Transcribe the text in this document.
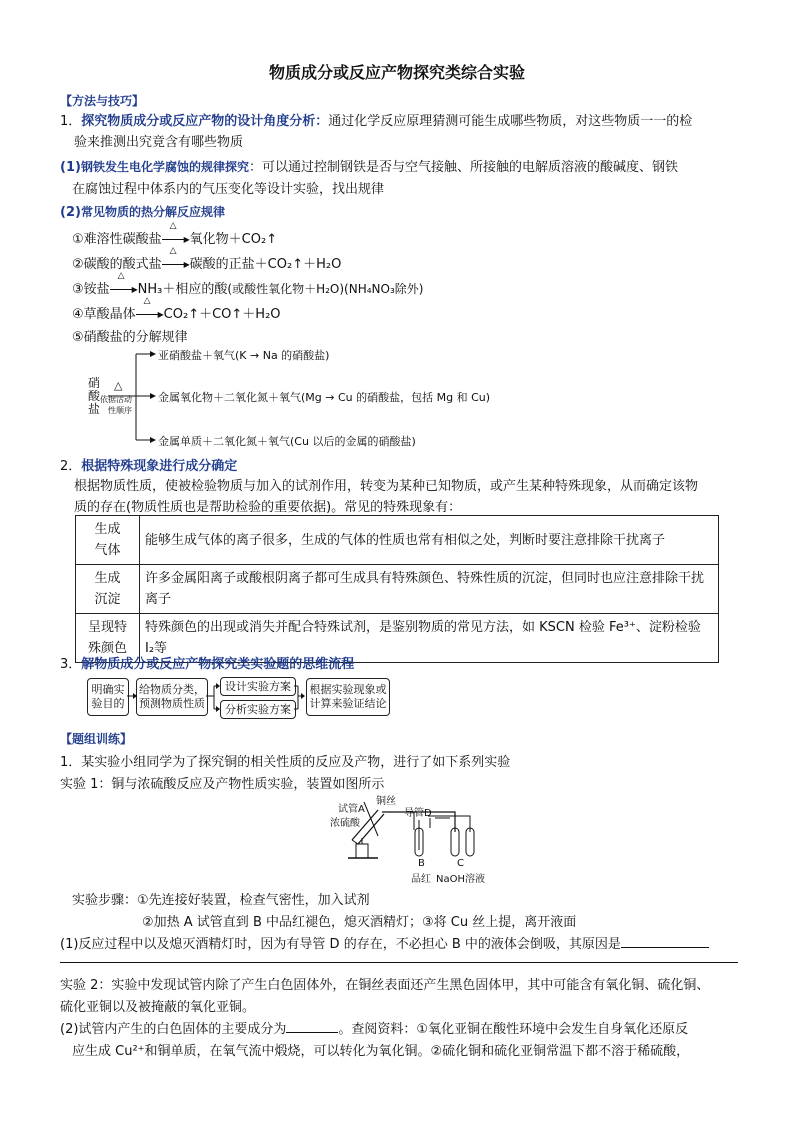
物质成分或反应产物探究类综合实验
【方法与技巧】
1．探究物质成分或反应产物的设计角度分析：通过化学反应原理猜测可能生成哪些物质，对这些物质一一的检
验来推测出究竟含有哪些物质
(1)钢铁发生电化学腐蚀的规律探究：可以通过控制钢铁是否与空气接触、所接触的电解质溶液的酸碱度、钢铁
在腐蚀过程中体系内的气压变化等设计实验，找出规律
(2)常见物质的热分解反应规律
①难溶性碳酸盐
△
▶ 氧化物＋CO₂↑
②碳酸的酸式盐
△
▶ 碳酸的正盐＋CO₂↑＋H₂O
③铵盐
△
▶ NH₃＋相应的酸(或酸性氧化物＋H₂O)(NH₄NO₃除外)
④草酸晶体
△
▶ CO₂↑＋CO↑＋H₂O
⑤硝酸盐的分解规律
硝
酸
盐
△
依据活动
性顺序
亚硝酸盐＋氧气(K → Na 的硝酸盐)
金属氧化物＋二氧化氮＋氧气(Mg → Cu 的硝酸盐，包括 Mg 和 Cu)
金属单质＋二氧化氮＋氧气(Cu 以后的金属的硝酸盐)
2．根据特殊现象进行成分确定
根据物质性质，使被检验物质与加入的试剂作用，转变为某种已知物质，或产生某种特殊现象，从而确定该物
质的存在(物质性质也是帮助检验的重要依据)。常见的特殊现象有：
生成
气体	能够生成气体的离子很多，生成的气体的性质也常有相似之处，判断时要注意排除干扰离子

生成
沉淀	许多金属阳离子或酸根阴离子都可生成具有特殊颜色、特殊性质的沉淀，但同时也应注意排除干扰离子

呈现特
殊颜色	特殊颜色的出现或消失并配合特殊试剂，是鉴别物质的常见方法，如 KSCN 检验 Fe³⁺、淀粉检验 I₂等
3．解物质成分或反应产物探究类实验题的思维流程
明确实验目的
给物质分类，预测物质性质
设计实验方案
分析实验方案
根据实验现象或计算来验证结论
【题组训练】
1．某实验小组同学为了探究铜的相关性质的反应及产物，进行了如下系列实验
实验 1：铜与浓硫酸反应及产物性质实验，装置如图所示
试管A
浓硫酸
铜丝
导管D
B
品红
C
NaOH溶液
实验步骤：①先连接好装置，检查气密性，加入试剂
②加热 A 试管直到 B 中品红褪色，熄灭酒精灯；③将 Cu 丝上提，离开液面
(1)反应过程中以及熄灭酒精灯时，因为有导管 D 的存在，不必担心 B 中的液体会倒吸，其原因是
实验 2：实验中发现试管内除了产生白色固体外，在铜丝表面还产生黑色固体甲，其中可能含有氧化铜、硫化铜、
硫化亚铜以及被掩蔽的氧化亚铜。
(2)试管内产生的白色固体的主要成分为	。查阅资料：①氧化亚铜在酸性环境中会发生自身氧化还原反
应生成 Cu²⁺和铜单质，在氧气流中煅烧，可以转化为氧化铜。②硫化铜和硫化亚铜常温下都不溶于稀硫酸，
